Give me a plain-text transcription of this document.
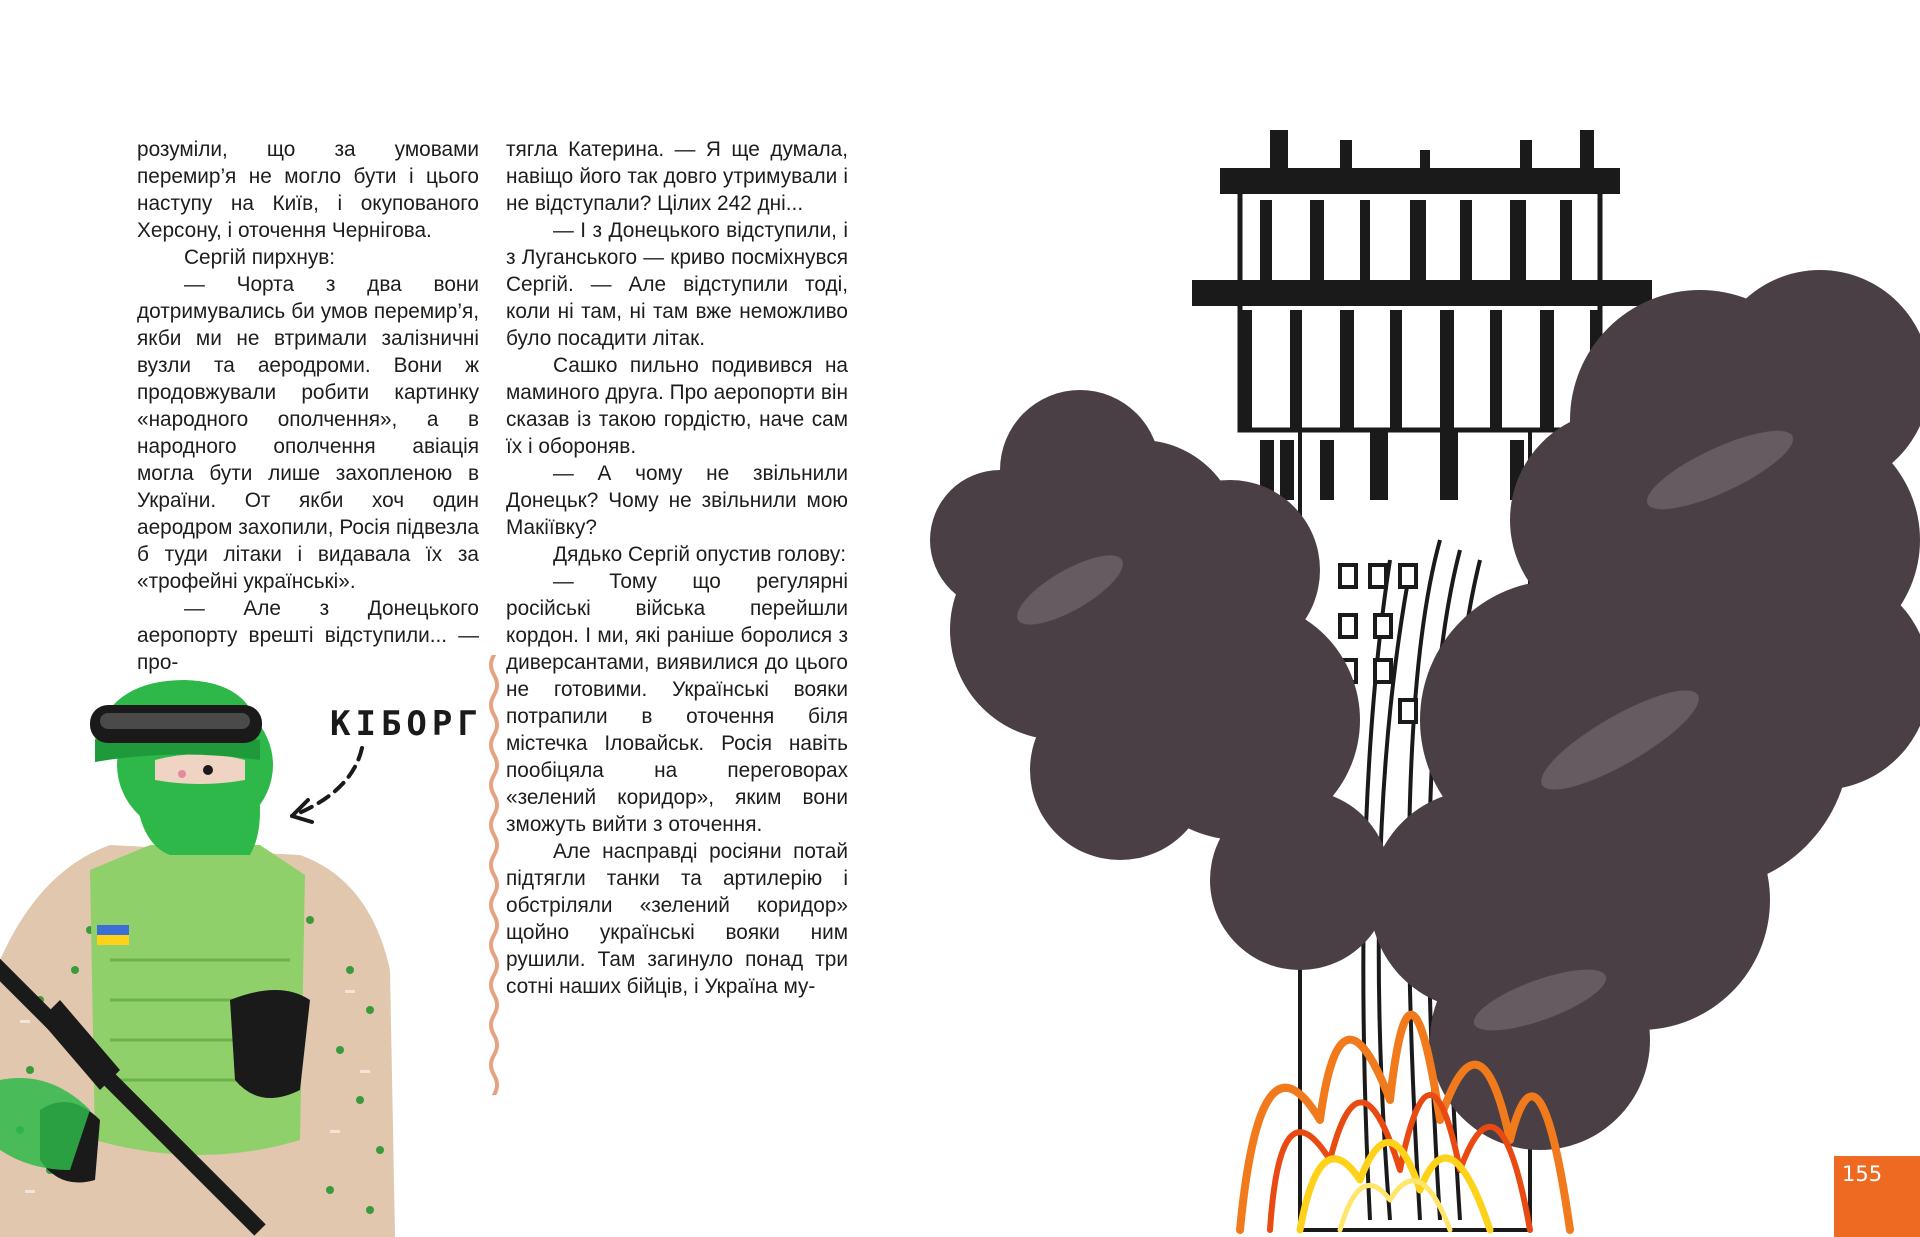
розуміли, що за умовами перемир’я не могло бути і цього наступу на Київ, і окупованого Херсону, і оточення Чернігова.

Сергій пирхнув:

— Чорта з два вони дотримувались би умов перемир’я, якби ми не втримали залізничні вузли та аеродроми. Вони ж продовжували робити картинку «народного ополчення», а в народного ополчення авіація могла бути лише захопленою в України. От якби хоч один аеродром захопили, Росія підвезла б туди літаки і видавала їх за «трофейні українські».

— Але з Донецького аеропорту врешті відступили... — про-

тягла Катерина. — Я ще думала, навіщо його так довго утримували і не відступали? Цілих 242 дні...

— І з Донецького відступили, і з Луганського — криво посміхнувся Сергій. — Але відступили тоді, коли ні там, ні там вже неможливо було посадити літак.

Сашко пильно подивився на маминого друга. Про аеропорти він сказав із такою гордістю, наче сам їх і обороняв.

— А чому не звільнили Донецьк? Чому не звільнили мою Макіївку?

Дядько Сергій опустив голову:

— Тому що регулярні російські війська перейшли кордон. І ми, які раніше боролися з диверсантами, виявилися до цього не готовими. Українські вояки потрапили в оточення біля містечка Іловайськ. Росія навіть пообіцяла на переговорах «зелений коридор», яким вони зможуть вийти з оточення.

Але насправді росіяни потай підтягли танки та артилерію і обстріляли «зелений коридор» щойно українські вояки ним рушили. Там загинуло понад три сотні наших бійців, і Україна му-

КІБОРГ
155
